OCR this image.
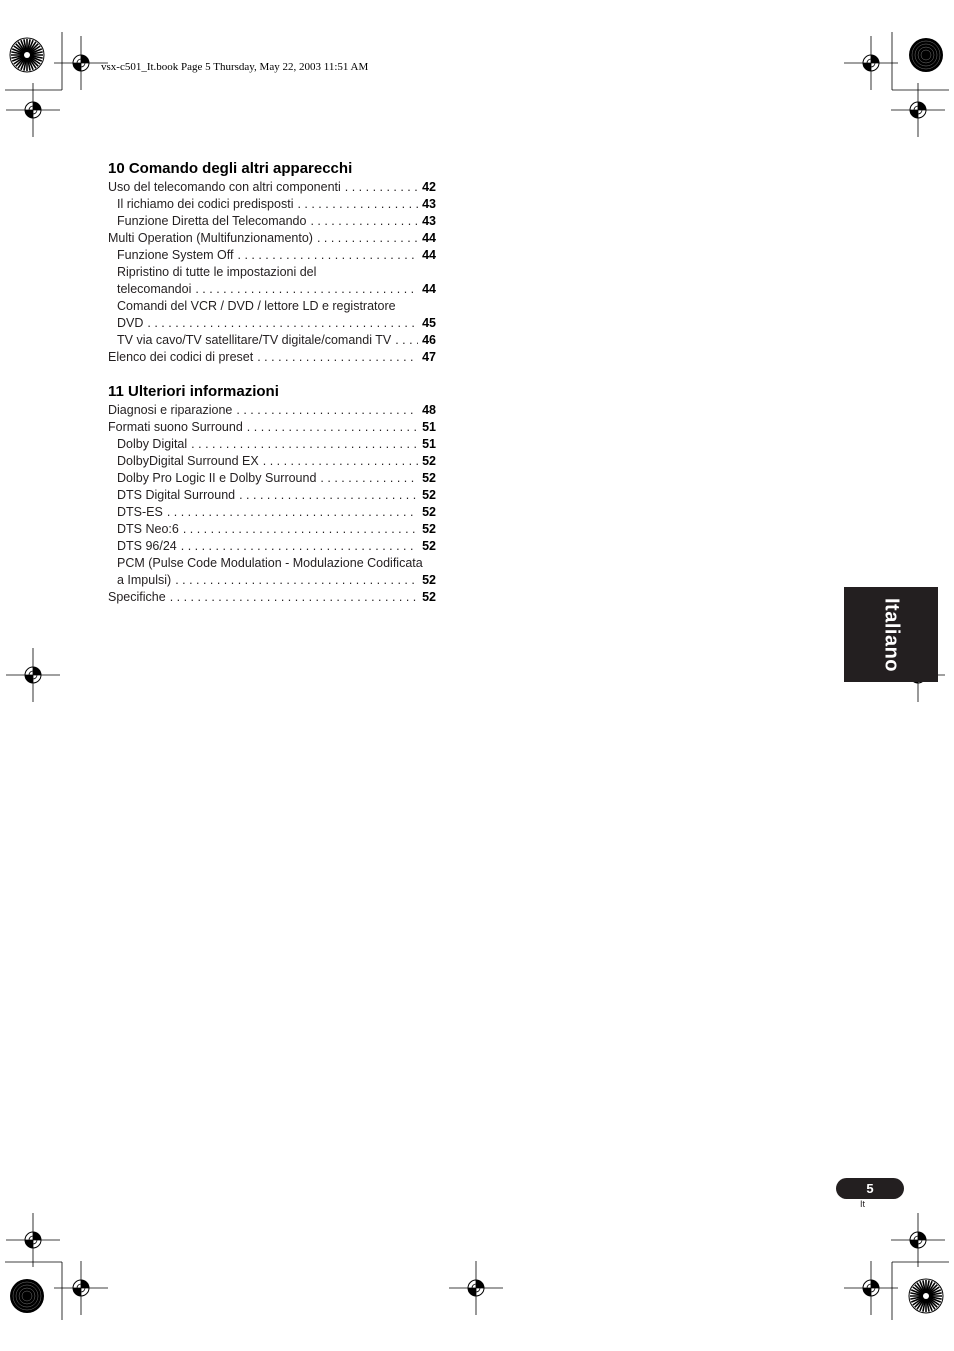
vsx-c501_It.book Page 5 Thursday, May 22, 2003 11:51 AM
10 Comando degli altri apparecchi
Uso del telecomando con altri componenti . . .	42
Il richiamo dei codici predisposti . . .	43
Funzione Diretta del Telecomando . . .	43
Multi Operation (Multifunzionamento) . . .	44
Funzione System Off . . .	44
Ripristino di tutte le impostazioni del
telecomandoi . . .	44
Comandi del VCR / DVD / lettore LD e registratore
DVD . . .	45
TV via cavo/TV satellitare/TV digitale/comandi TV . . . 46
Elenco dei codici di preset . . .	47
11 Ulteriori informazioni
Diagnosi e riparazione . . .	48
Formati suono Surround . . .	51
Dolby Digital . . .	51
DolbyDigital Surround EX . . .	52
Dolby Pro Logic II e Dolby Surround . . .	52
DTS Digital Surround . . .	52
DTS-ES . . .	52
DTS Neo:6 . . .	52
DTS 96/24 . . .	52
PCM (Pulse Code Modulation - Modulazione Codificata
a Impulsi) . . .	52
Specifiche . . .	52
Italiano
5
It
